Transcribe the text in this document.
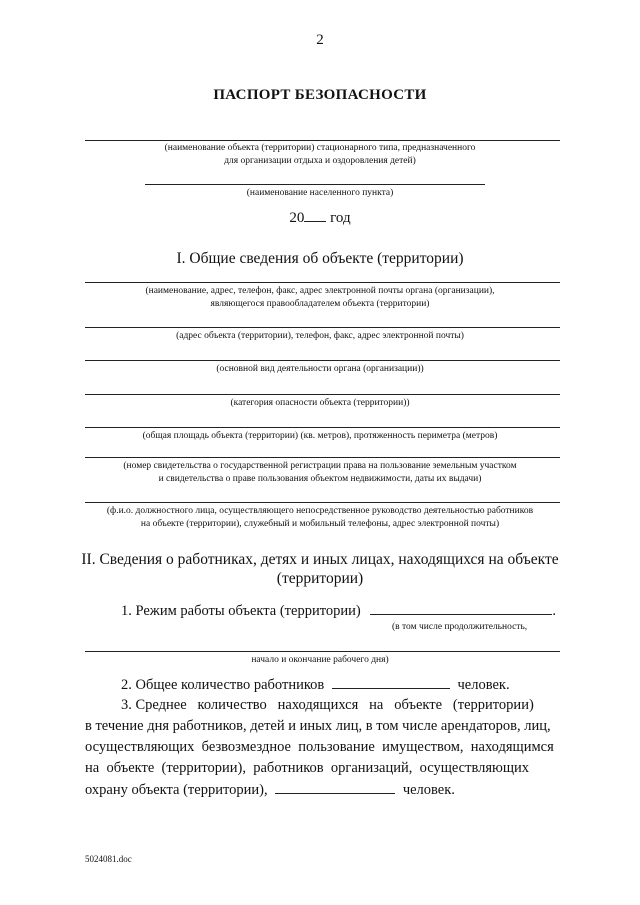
2
ПАСПОРТ БЕЗОПАСНОСТИ
(наименование объекта (территории) стационарного типа, предназначенного
для организации отдыха и оздоровления детей)
(наименование населенного пункта)
20 год
I. Общие сведения об объекте (территории)
(наименование, адрес, телефон, факс, адрес электронной почты органа (организации),
являющегося правообладателем объекта (территории)
(адрес объекта (территории), телефон, факс, адрес электронной почты)
(основной вид деятельности органа (организации))
(категория опасности объекта (территории))
(общая площадь объекта (территории) (кв. метров), протяженность периметра (метров)
(номер свидетельства о государственной регистрации права на пользование земельным участком
и свидетельства о праве пользования объектом недвижимости, даты их выдачи)
(ф.и.о. должностного лица, осуществляющего непосредственное руководство деятельностью работников
на объекте (территории), служебный и мобильный телефоны, адрес электронной почты)
II. Сведения о работниках, детях и иных лицах, находящихся на объекте
(территории)
1. Режим работы объекта (территории)	.
(в том числе продолжительность,
начало и окончание рабочего дня)
2. Общее количество работников	человек.
3. Среднее   количество   находящихся   на   объекте   (территории)
в течение дня работников, детей и иных лиц, в том числе арендаторов, лиц,
осуществляющих  безвозмездное  пользование  имуществом,  находящимся
на  объекте  (территории),  работников  организаций,  осуществляющих
охрану объекта (территории),	человек.
5024081.doc
